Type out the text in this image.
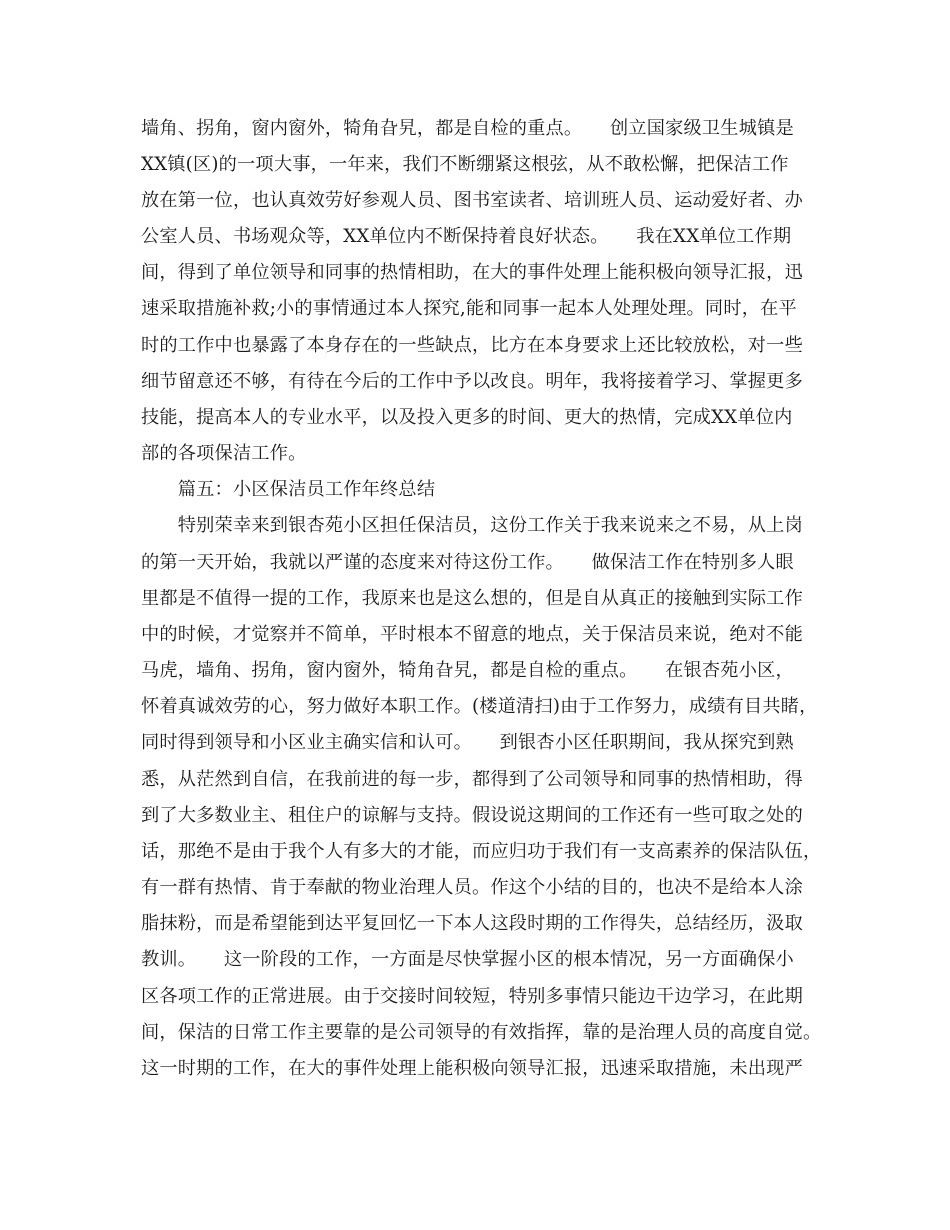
墙角、拐角，窗内窗外，犄角旮旯，都是自检的重点。　　创立国家级卫生城镇是
XX镇(区)的一项大事，一年来，我们不断绷紧这根弦，从不敢松懈，把保洁工作
放在第一位，也认真效劳好参观人员、图书室读者、培训班人员、运动爱好者、办
公室人员、书场观众等，XX单位内不断保持着良好状态。　　我在XX单位工作期
间，得到了单位领导和同事的热情相助，在大的事件处理上能积极向领导汇报，迅
速采取措施补救;小的事情通过本人探究,能和同事一起本人处理处理。同时，在平
时的工作中也暴露了本身存在的一些缺点，比方在本身要求上还比较放松，对一些
细节留意还不够，有待在今后的工作中予以改良。明年，我将接着学习、掌握更多
技能，提高本人的专业水平，以及投入更多的时间、更大的热情，完成XX单位内
部的各项保洁工作。
　　篇五：小区保洁员工作年终总结
　　特别荣幸来到银杏苑小区担任保洁员，这份工作关于我来说来之不易，从上岗
的第一天开始，我就以严谨的态度来对待这份工作。　　做保洁工作在特别多人眼
里都是不值得一提的工作，我原来也是这么想的，但是自从真正的接触到实际工作
中的时候，才觉察并不简单，平时根本不留意的地点，关于保洁员来说，绝对不能
马虎，墙角、拐角，窗内窗外，犄角旮旯，都是自检的重点。　　在银杏苑小区，
怀着真诚效劳的心，努力做好本职工作。(楼道清扫)由于工作努力，成绩有目共睹，
同时得到领导和小区业主确实信和认可。　　到银杏小区任职期间，我从探究到熟
悉，从茫然到自信，在我前进的每一步，都得到了公司领导和同事的热情相助，得
到了大多数业主、租住户的谅解与支持。假设说这期间的工作还有一些可取之处的
话，那绝不是由于我个人有多大的才能，而应归功于我们有一支高素养的保洁队伍，
有一群有热情、肯于奉献的物业治理人员。作这个小结的目的，也决不是给本人涂
脂抹粉，而是希望能到达平复回忆一下本人这段时期的工作得失，总结经历，汲取
教训。　　这一阶段的工作，一方面是尽快掌握小区的根本情况，另一方面确保小
区各项工作的正常进展。由于交接时间较短，特别多事情只能边干边学习，在此期
间，保洁的日常工作主要靠的是公司领导的有效指挥，靠的是治理人员的高度自觉。
这一时期的工作，在大的事件处理上能积极向领导汇报，迅速采取措施，未出现严
